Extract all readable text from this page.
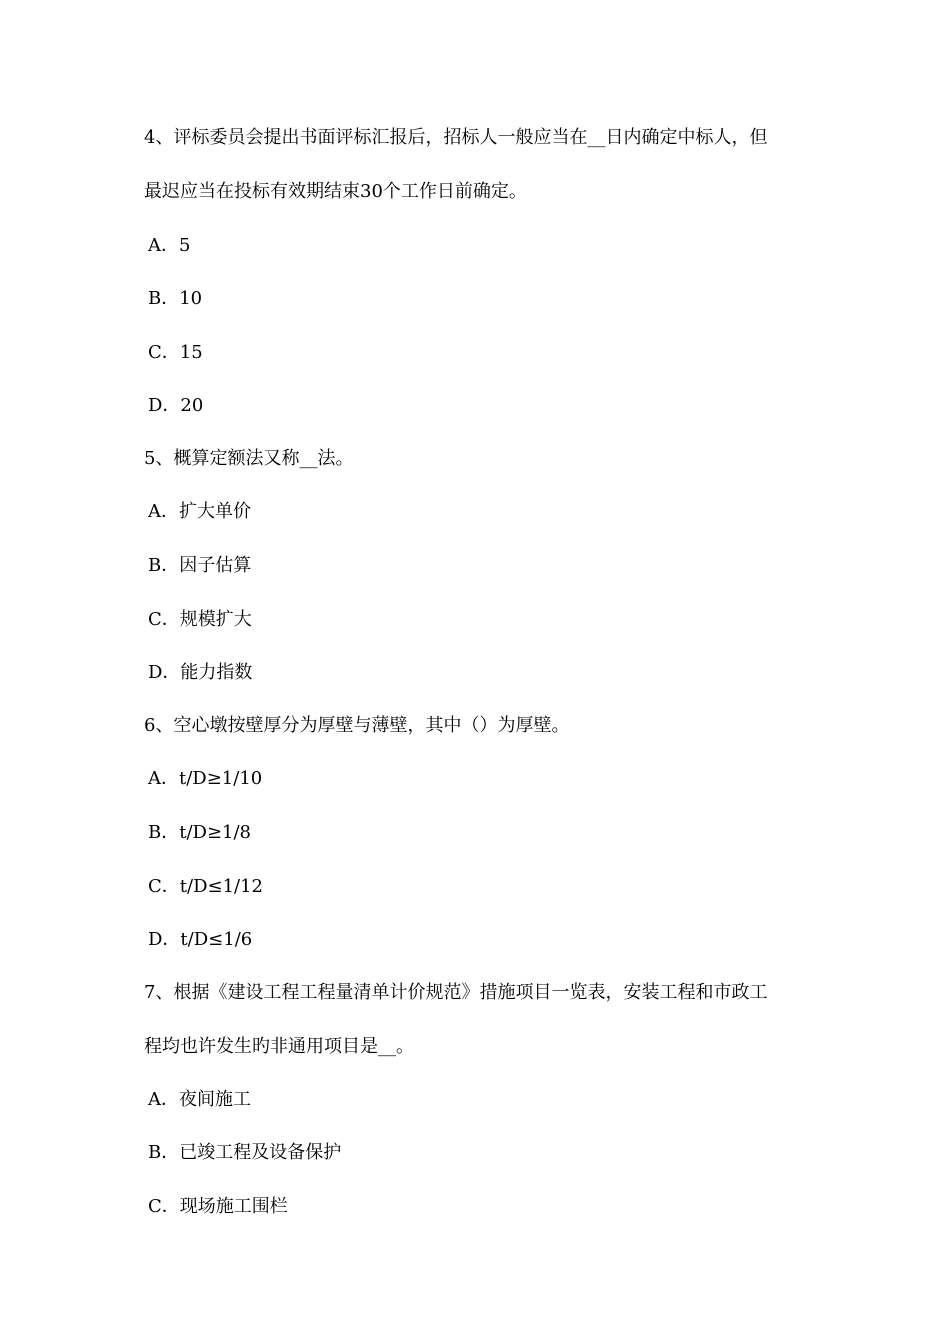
4、评标委员会提出书面评标汇报后，招标人一般应当在__日内确定中标人，但
最迟应当在投标有效期结束30个工作日前确定。
A．5
B．10
C．15
D．20
5、概算定额法又称__法。
A．扩大单价
B．因子估算
C．规模扩大
D．能力指数
6、空心墩按壁厚分为厚壁与薄壁，其中（）为厚壁。
A．t/D≥1/10
B．t/D≥1/8
C．t/D≤1/12
D．t/D≤1/6
7、根据《建设工程工程量清单计价规范》措施项目一览表，安装工程和市政工
程均也许发生旳非通用项目是__。
A．夜间施工
B．已竣工程及设备保护
C．现场施工围栏
